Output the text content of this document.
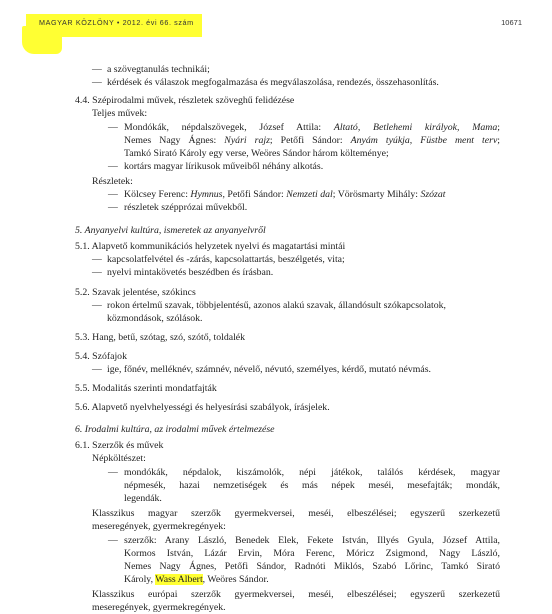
MAGYAR KÖZLÖNY • 2012. évi 66. szám	10671
— a szövegtanulás technikái;
— kérdések és válaszok megfogalmazása és megválaszolása, rendezés, összehasonlítás.
4.4. Szépirodalmi művek, részletek szöveghű felidézése
Teljes művek:
— Mondókák, népdalszövegek, József Attila: Altató, Betlehemi királyok, Mama;
Nemes Nagy Ágnes: Nyári rajz; Petőfi Sándor: Anyám tyúkja, Füstbe ment terv;
Tamkó Sirató Károly egy verse, Weöres Sándor három költeménye;
— kortárs magyar lírikusok műveiből néhány alkotás.
Részletek:
— Kölcsey Ferenc: Hymnus, Petőfi Sándor: Nemzeti dal; Vörösmarty Mihály: Szózat
— részletek szépprózai művekből.
5. Anyanyelvi kultúra, ismeretek az anyanyelvről
5.1. Alapvető kommunikációs helyzetek nyelvi és magatartási mintái
— kapcsolatfelvétel és -zárás, kapcsolattartás, beszélgetés, vita;
— nyelvi mintakövetés beszédben és írásban.
5.2. Szavak jelentése, szókincs
— rokon értelmű szavak, többjelentésű, azonos alakú szavak, állandósult szókapcsolatok,
közmondások, szólások.
5.3. Hang, betű, szótag, szó, szótő, toldalék
5.4. Szófajok
— ige, főnév, melléknév, számnév, névelő, névutó, személyes, kérdő, mutató névmás.
5.5. Modalitás szerinti mondatfajták
5.6. Alapvető nyelvhelyességi és helyesírási szabályok, írásjelek.
6. Irodalmi kultúra, az irodalmi művek értelmezése
6.1. Szerzők és művek
Népköltészet:
— mondókák, népdalok, kiszámolók, népi játékok, találós kérdések, magyar
népmesék, hazai nemzetiségek és más népek meséi, mesefajták; mondák,
legendák.
Klasszikus magyar szerzők gyermekversei, meséi, elbeszélései; egyszerű szerkezetű
meseregények, gyermekregények:
— szerzők: Arany László, Benedek Elek, Fekete István, Illyés Gyula, József Attila,
Kormos István, Lázár Ervin, Móra Ferenc, Móricz Zsigmond, Nagy László,
Nemes Nagy Ágnes, Petőfi Sándor, Radnóti Miklós, Szabó Lőrinc, Tamkó Sirató
Károly, Wass Albert, Weöres Sándor.
Klasszikus európai szerzők gyermekversei, meséi, elbeszélései; egyszerű szerkezetű
meseregények, gyermekregények.
